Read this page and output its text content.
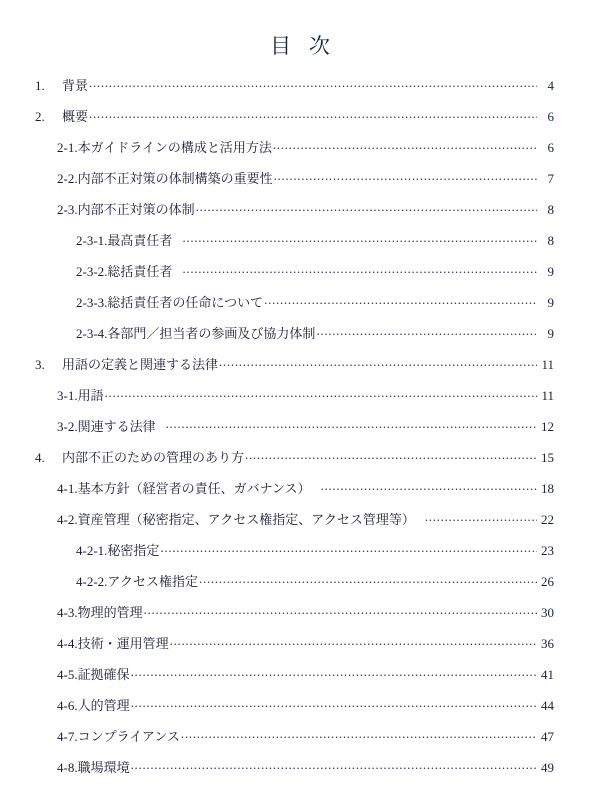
目 次
1.	背景 .....	4
2.	概要 .....	6
2-1. 本ガイドラインの構成と活用方法 .....	6
2-2. 内部不正対策の体制構築の重要性 .....	7
2-3. 内部不正対策の体制 .....	8
2-3-1. 最高責任者 .....	8
2-3-2. 総括責任者 .....	9
2-3-3. 総括責任者の任命について .....	9
2-3-4. 各部門／担当者の参画及び協力体制 .....	9
3.	用語の定義と関連する法律 .....	11
3-1. 用語 .....	11
3-2. 関連する法律 .....	12
4.	内部不正のための管理のあり方 .....	15
4-1. 基本方針（経営者の責任、ガバナンス） .....	18
4-2. 資産管理（秘密指定、アクセス権指定、アクセス管理等） .....	22
4-2-1. 秘密指定 .....	23
4-2-2. アクセス権指定 .....	26
4-3. 物理的管理 .....	30
4-4. 技術・運用管理 .....	36
4-5. 証拠確保 .....	41
4-6. 人的管理 .....	44
4-7. コンプライアンス .....	47
4-8. 職場環境 .....	49
